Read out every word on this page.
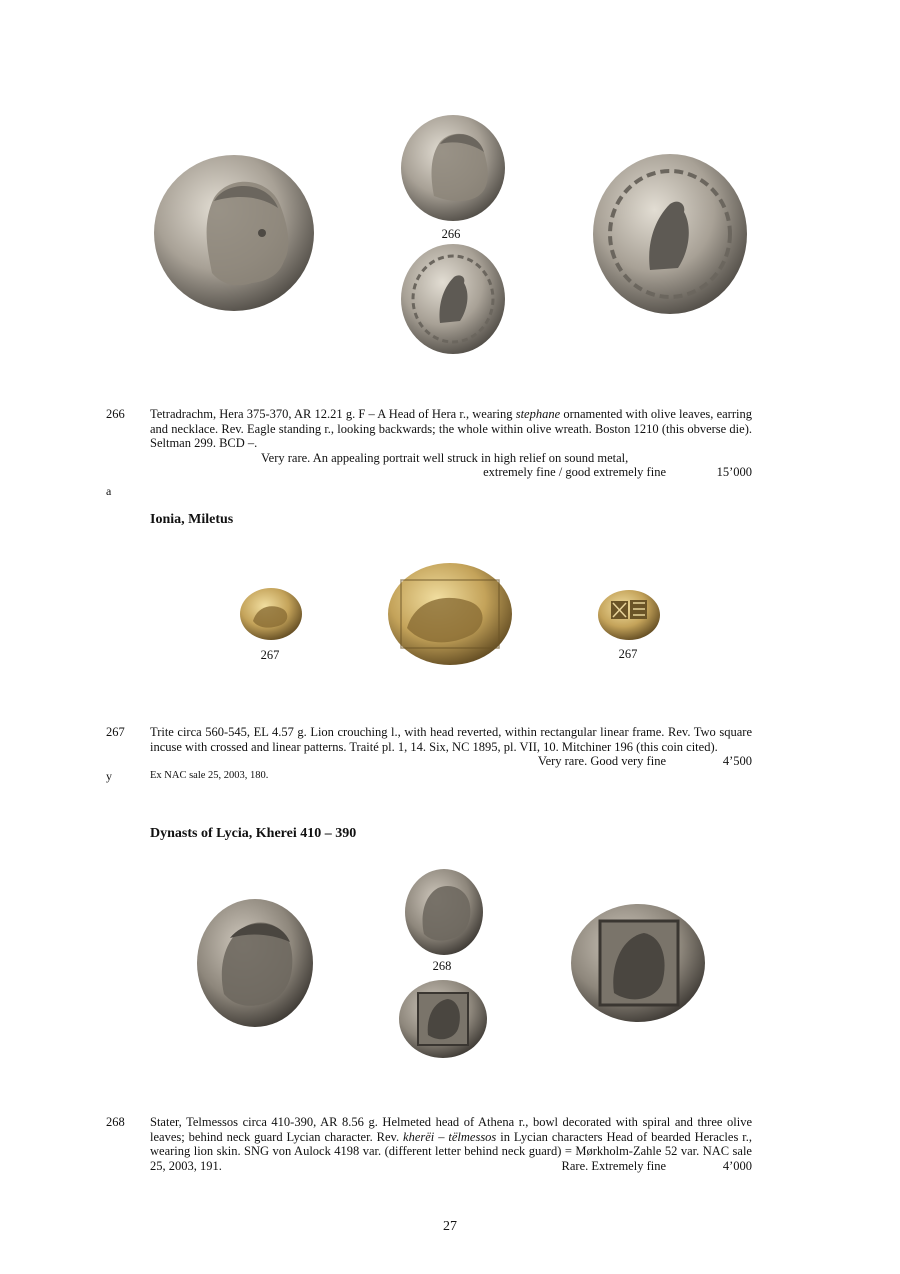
266
266 Tetradrachm, Hera 375-370, AR 12.21 g. F – A Head of Hera r., wearing stephane ornamented with olive leaves, earring and necklace. Rev. Eagle standing r., looking backwards; the whole within olive wreath. Boston 1210 (this obverse die). Seltman 299. BCD –.

Very rare. An appealing portrait well struck in high relief on sound metal,

extremely fine / good extremely fine	15’000
a
Ionia, Miletus
267	267
267 Trite circa 560-545, EL 4.57 g. Lion crouching l., with head reverted, within rectangular linear frame. Rev. Two square incuse with crossed and linear patterns. Traité pl. 1, 14. Six, NC 1895, pl. VII, 10. Mitchiner 196 (this coin cited).
Very rare. Good very fine	4’500

Ex NAC sale 25, 2003, 180.

y
Dynasts of Lycia, Kherei 410 – 390
268
268 Stater, Telmessos circa 410-390, AR 8.56 g. Helmeted head of Athena r., bowl decorated with spiral and three olive leaves; behind neck guard Lycian character. Rev. kherëi – tëlmessos in Lycian characters Head of bearded Heracles r., wearing lion skin. SNG von Aulock 4198 var. (different letter behind neck guard) = Mørkholm-Zahle 52 var. NAC sale 25, 2003, 191.	Rare. Extremely fine	4’000

27
